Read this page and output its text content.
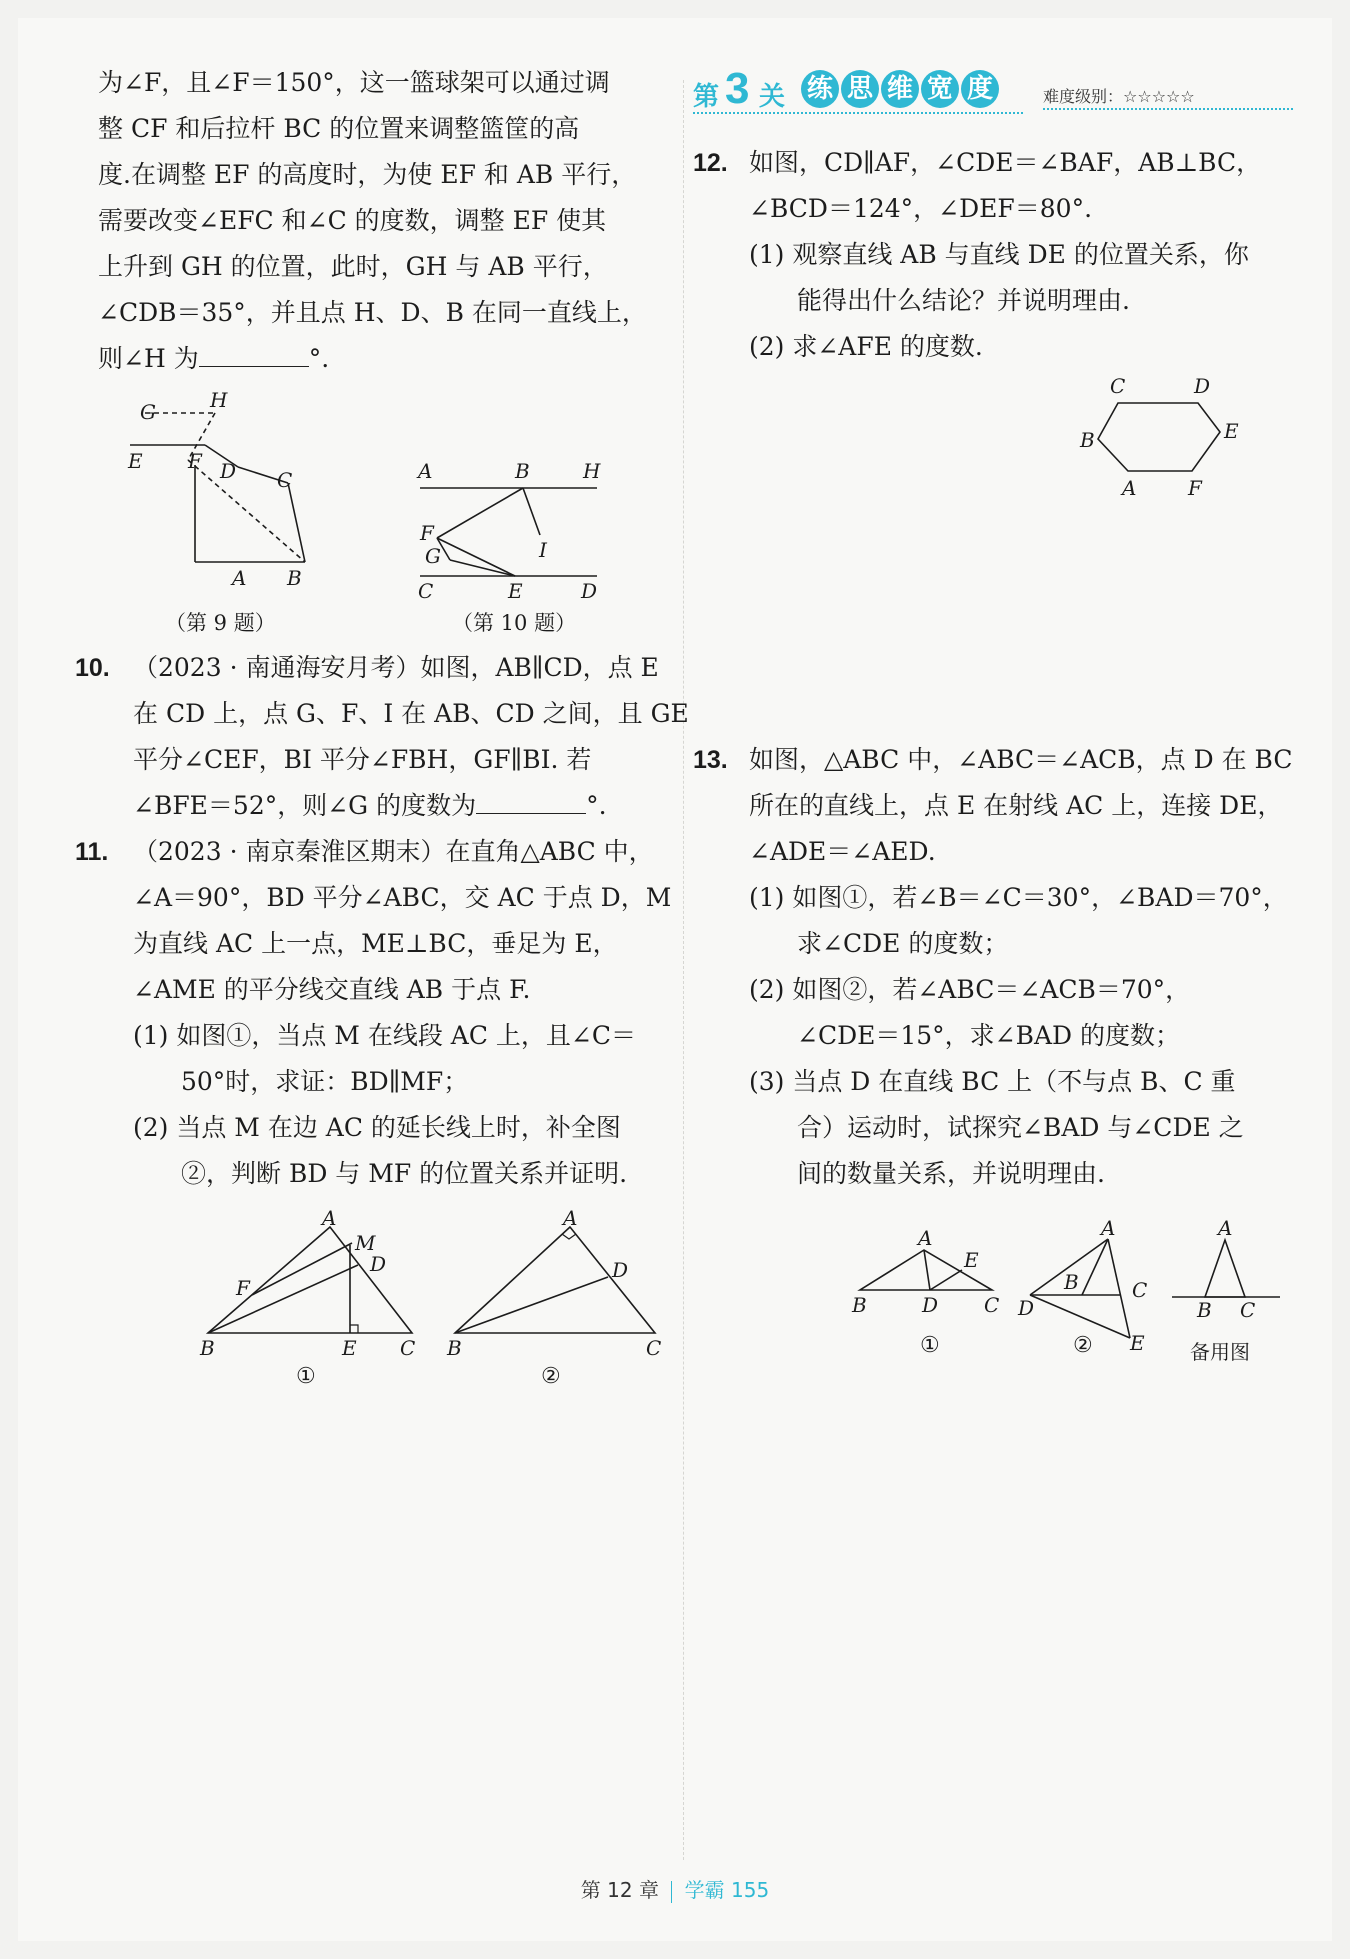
为∠F，且∠F＝150°，这一篮球架可以通过调

整 CF 和后拉杆 BC 的位置来调整篮筐的高

度.在调整 EF 的高度时，为使 EF 和 AB 平行，

需要改变∠EFC 和∠C 的度数，调整 EF 使其

上升到 GH 的位置，此时，GH 与 AB 平行，

∠CDB＝35°，并且点 H、D、B 在同一直线上，

则∠H 为	°.

G	H
E F D C
A B
（第 9 题）
A	B	H
F
G	I
C	E	D
（第 10 题）

10. （2023 · 南通海安月考）如图，AB∥CD，点 E

在 CD 上，点 G、F、I 在 AB、CD 之间，且 GE

平分∠CEF，BI 平分∠FBH，GF∥BI. 若

∠BFE＝52°，则∠G 的度数为	°.

11. （2023 · 南京秦淮区期末）在直角△ABC 中，

∠A＝90°，BD 平分∠ABC，交 AC 于点 D，M

为直线 AC 上一点，ME⊥BC，垂足为 E，

∠AME 的平分线交直线 AB 于点 F.

(1) 如图①，当点 M 在线段 AC 上，且∠C＝

50°时，求证：BD∥MF；

(2) 当点 M 在边 AC 的延长线上时，补全图

②，判断 BD 与 MF 的位置关系并证明.

A
M
D
F
B	E C
①
A
D
B	C
②
第 3 关 练 思 维 宽 度	难度级别：☆☆☆☆☆

12. 如图，CD∥AF，∠CDE＝∠BAF，AB⊥BC，

∠BCD＝124°，∠DEF＝80°.

(1) 观察直线 AB 与直线 DE 的位置关系，你

能得出什么结论？并说明理由.

(2) 求∠AFE 的度数.

C	D
E
B
A	F

13. 如图，△ABC 中，∠ABC＝∠ACB，点 D 在 BC

所在的直线上，点 E 在射线 AC 上，连接 DE，

∠ADE＝∠AED.

(1) 如图①，若∠B＝∠C＝30°，∠BAD＝70°，

求∠CDE 的度数；

(2) 如图②，若∠ABC＝∠ACB＝70°，

∠CDE＝15°，求∠BAD 的度数；

(3) 当点 D 在直线 BC 上（不与点 B、C 重

合）运动时，试探究∠BAD 与∠CDE 之

间的数量关系，并说明理由.

A
E
B	D C
①
A
B	C
D
E
②
A
B C
备用图
第 12 章 学霸 155
